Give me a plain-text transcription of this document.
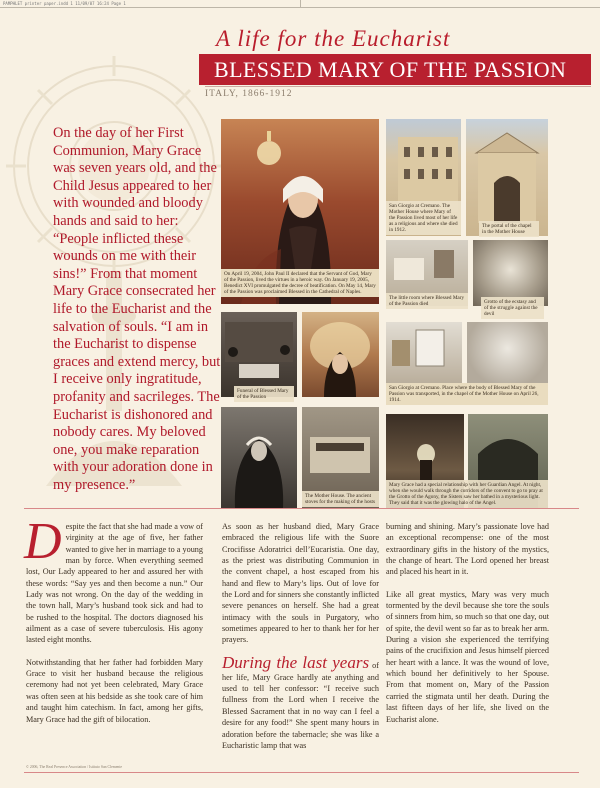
PAMPHLET printer paper.indd 1 11/09/07 16:24 Page 1
A life for the Eucharist
BLESSED MARY OF THE PASSION
ITALY, 1866-1912
On the day of her First Communion, Mary Grace was seven years old, and the Child Jesus appeared to her with wounded and bloody hands and said to her: “People inflicted these wounds on me with their sins!” From that moment Mary Grace consecrated her life to the Eucharist and the salvation of souls. “I am in the Eucharist to dispense graces and extend mercy, but I receive only ingratitude, profanity and sacrileges. The Eucharist is dishonored and nobody cares. My beloved one, you make reparation with your adoration done in my presence.”
On April 19, 2004, John Paul II declared that the Servant of God, Mary of the Passion, lived the virtues in a heroic way. On January 19, 2005, Benedict XVI promulgated the decree of beatification. On May 14, Mary of the Passion was proclaimed Blessed in the Cathedral of Naples.
San Giorgio at Cremano. The Mother House where Mary of the Passion lived most of her life as a religious and where she died in 1912.
The portal of the chapel in the Mother House
The little room where Blessed Mary of the Passion died	Grotto of the ecstasy and of the struggle against the devil
Funeral of Blessed Mary of the Passion
San Giorgio at Cremano. Place where the body of Blessed Mary of the Passion was transported, in the chapel of the Mother House on April 26, 1914.
The Mother House. The ancient stoves for the making of the hosts
Mary Grace had a special relationship with her Guardian Angel. At night, when she would walk through the corridors of the convent to go to pray at the Grotto of the Agony, the Sisters saw her bathed in a mysterious light. They said that it was the glowing halo of the Angel.

Despite the fact that she had made a vow of virginity at the age of five, her father wanted to give her in marriage to a young man by force. When everything seemed lost, Our Lady appeared to her and assured her with these words: “Say yes and then become a nun.” Our Lady was not wrong. On the day of the wedding in the town hall, Mary’s husband took sick and had to be rushed to the hospital. The doctors diagnosed his ailment as a case of severe tuberculosis. His agony lasted eight months.

Notwithstanding that her father had forbidden Mary Grace to visit her husband because the religious ceremony had not yet been celebrated, Mary Grace was often seen at his bedside as she took care of him and taught him catechism. In fact, among her gifts, Mary Grace had the gift of bilocation.

As soon as her husband died, Mary Grace embraced the religious life with the Suore Crocifisse Adoratrici dell’Eucaristia. One day, as the priest was distributing Communion in the convent chapel, a host escaped from his hand and flew to Mary’s lips. Out of love for the Lord and for sinners she constantly inflicted severe penances on herself. She had a great intimacy with the souls in Purgatory, who sometimes appeared to her to thank her for her prayers.

During the last years of her life, Mary Grace hardly ate anything and used to tell her confessor: “I receive such fullness from the Lord when I receive the Blessed Sacrament that in no way can I feel a desire for any food!” She spent many hours in adoration before the tabernacle; she was like a Eucharistic lamp that was

burning and shining. Mary’s passionate love had an exceptional recompense: one of the most extraordinary gifts in the history of the mystics, the change of heart. The Lord opened her breast and placed his heart in it.

Like all great mystics, Mary was very much tormented by the devil because she tore the souls of sinners from him, so much so that one day, out of spite, the devil went so far as to break her arm. During a vision she experienced the terrifying pains of the crucifixion and Jesus himself pierced her heart with a lance. It was the wound of love, which bound her definitively to her Spouse. From that moment on, Mary of the Passion carried the stigmata until her death. During the last fifteen days of her life, she lived on the Eucharist alone.

© 2006, The Real Presence Association / Istituto San Clemente
